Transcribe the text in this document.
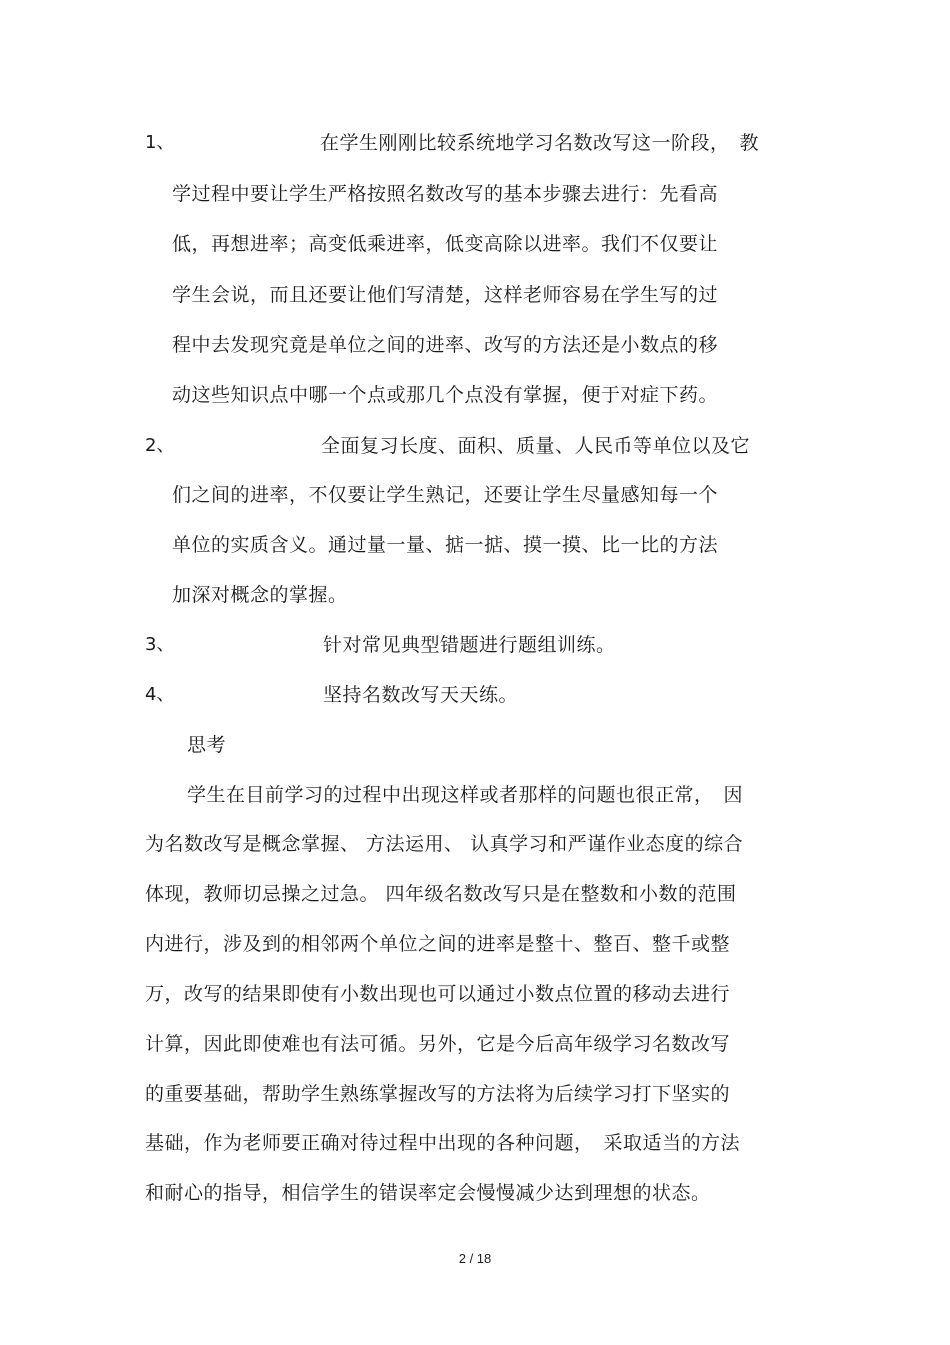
1、	在学生刚刚比较系统地学习名数改写这一阶段，　教
学过程中要让学生严格按照名数改写的基本步骤去进行：先看高
低，再想进率；高变低乘进率，低变高除以进率。我们不仅要让
学生会说，而且还要让他们写清楚，这样老师容易在学生写的过
程中去发现究竟是单位之间的进率、改写的方法还是小数点的移
动这些知识点中哪一个点或那几个点没有掌握，便于对症下药。
2、	全面复习长度、面积、质量、人民币等单位以及它
们之间的进率，不仅要让学生熟记，还要让学生尽量感知每一个
单位的实质含义。通过量一量、掂一掂、摸一摸、比一比的方法
加深对概念的掌握。
3、	针对常见典型错题进行题组训练。
4、	坚持名数改写天天练。
思考
学生在目前学习的过程中出现这样或者那样的问题也很正常，　因
为名数改写是概念掌握、 方法运用、 认真学习和严谨作业态度的综合
体现，教师切忌操之过急。 四年级名数改写只是在整数和小数的范围
内进行，涉及到的相邻两个单位之间的进率是整十、整百、整千或整
万，改写的结果即使有小数出现也可以通过小数点位置的移动去进行
计算，因此即使难也有法可循。另外，它是今后高年级学习名数改写
的重要基础，帮助学生熟练掌握改写的方法将为后续学习打下坚实的
基础，作为老师要正确对待过程中出现的各种问题，　采取适当的方法
和耐心的指导，相信学生的错误率定会慢慢减少达到理想的状态。
2 / 18
